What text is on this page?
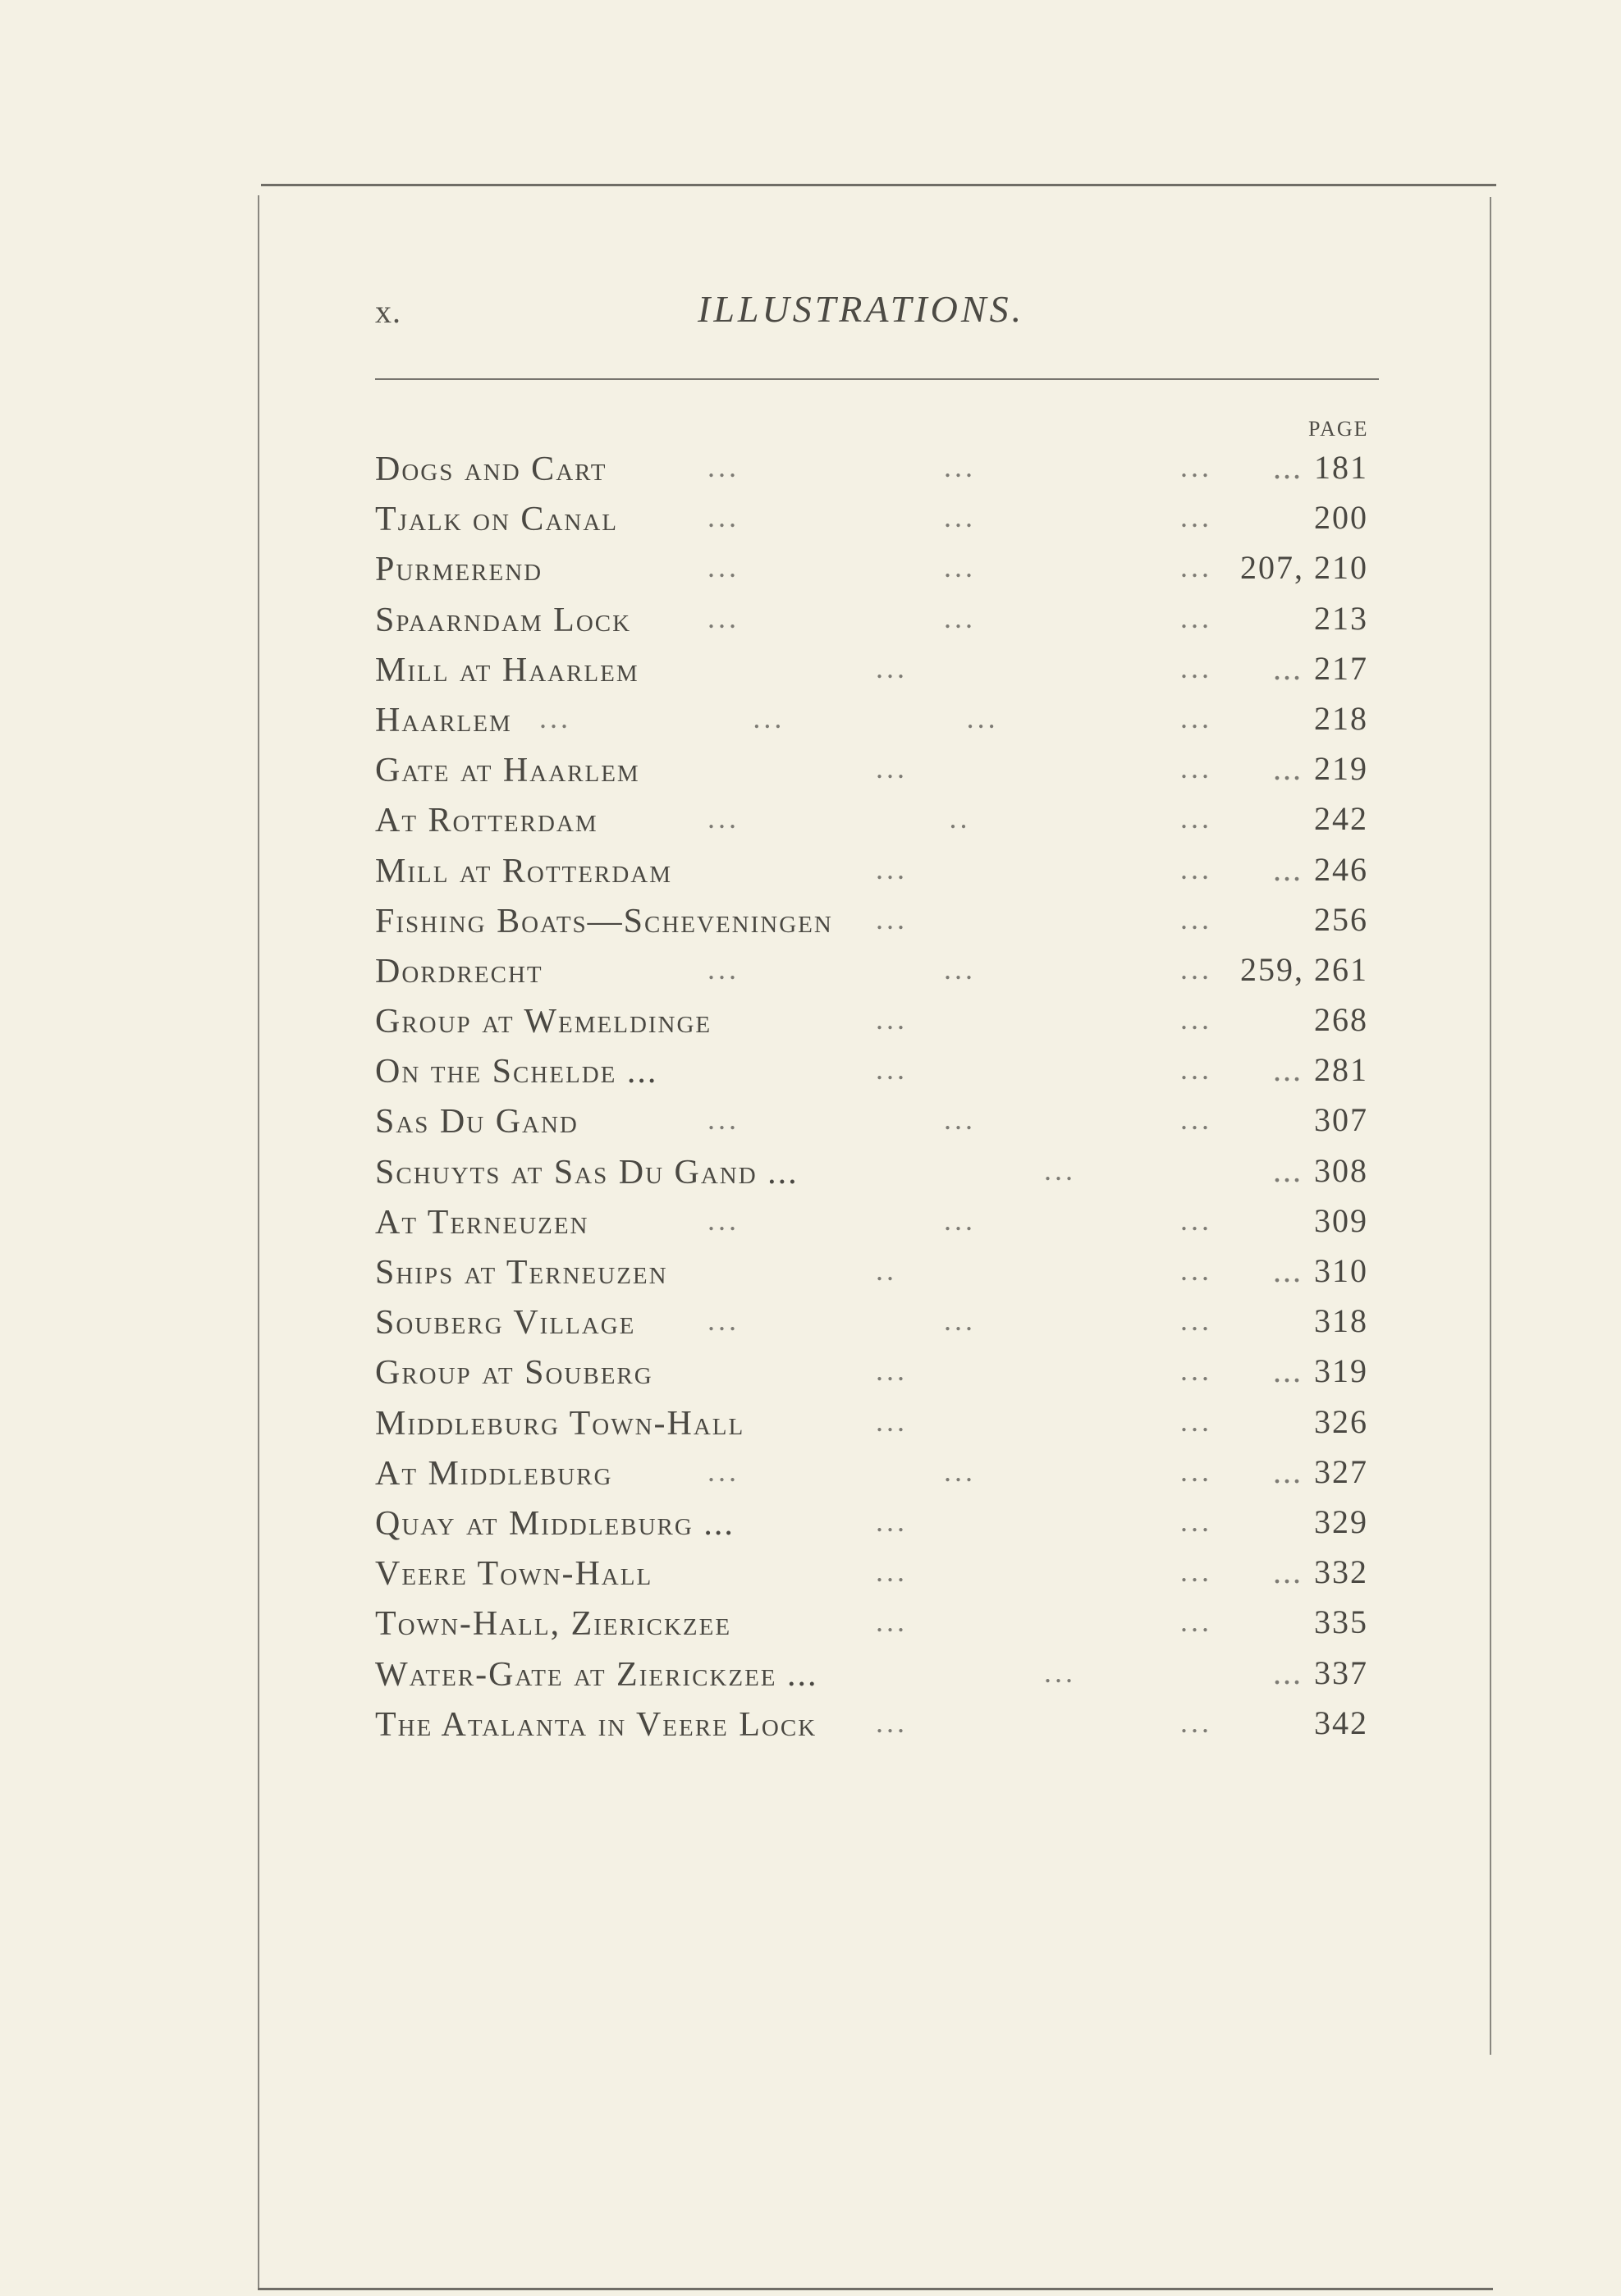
x.	ILLUSTRATIONS.
PAGE
Dogs and Cart	...	...	... ... 181
Tjalk on Canal	...	...	...	200
Purmerend	...	...	... 207, 210
Spaarndam Lock	...	...	...	213
Mill at Haarlem	...	... ... 217
Haarlem ...	...	...	...	218
Gate at Haarlem	...	... ... 219
At Rotterdam	...	..	...	242
Mill at Rotterdam	...	... ... 246
Fishing Boats—Scheveningen ...	...	256
Dordrecht	...	...	... 259, 261
Group at Wemeldinge	...	...	268
On the Schelde ...	...	... ... 281
Sas Du Gand	...	...	...	307
Schuyts at Sas Du Gand ...	...	... 308
At Terneuzen	...	...	...	309
Ships at Terneuzen	..	... ... 310
Souberg Village ...	...	...	318
Group at Souberg	...	... ... 319
Middleburg Town-Hall	...	...	326
At Middleburg	...	...	... ... 327
Quay at Middleburg ...	...	...	329
Veere Town-Hall	...	... ... 332
Town-Hall, Zierickzee	...	...	335
Water-Gate at Zierickzee ...	...	... 337
The Atalanta in Veere Lock ...	...	342
